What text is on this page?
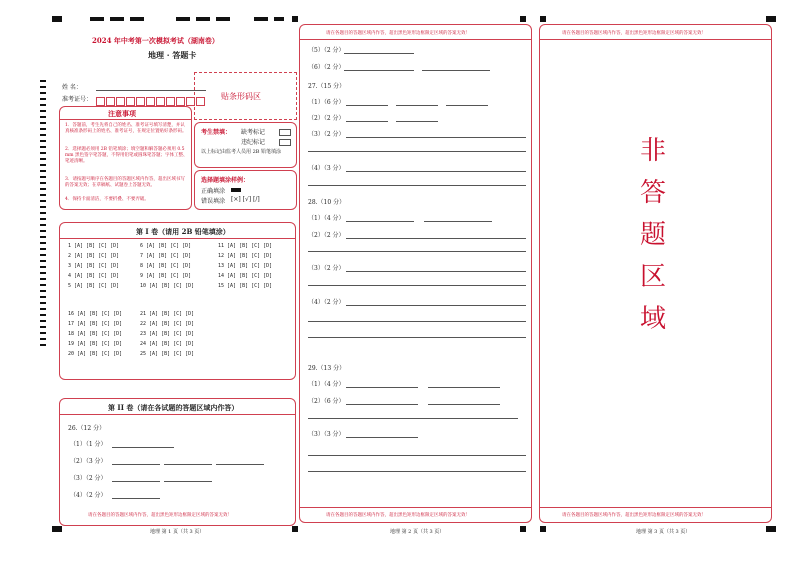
2024 年中考第一次模拟考试（湖南卷）
地理 · 答题卡
姓 名：
准考证号：	贴条形码区
注意事项
1．答题前，考生先将自己的姓名、准考证号填写清楚，并认真核准条形码上的姓名、准考证号，在规定位置贴好条形码。
2．选择题必须用 2B 铅笔填涂；填空题和解答题必须用 0.5 mm 黑色签字笔答题，不得用铅笔或圆珠笔答题；字体工整、笔迹清晰。
3．请按题号顺序在各题目的答题区域内作答，超出区域书写的答案无效；在草稿纸、试题卷上答题无效。
4．保持卡面清洁，不要折叠、不要弄破。
考生禁填： 缺考标记
违纪标记
以上标记由监考人员用 2B 铅笔填涂
选择题填涂样例：
正确填涂
错误填涂 [×] [√] [/]
第 I 卷（请用 2B 铅笔填涂）
1 [A] [B] [C] [D]
2 [A] [B] [C] [D]
3 [A] [B] [C] [D]
4 [A] [B] [C] [D]
5 [A] [B] [C] [D]
6 [A] [B] [C] [D]
7 [A] [B] [C] [D]
8 [A] [B] [C] [D]
9 [A] [B] [C] [D]
10 [A] [B] [C] [D]
11 [A] [B] [C] [D]
12 [A] [B] [C] [D]
13 [A] [B] [C] [D]
14 [A] [B] [C] [D]
15 [A] [B] [C] [D]
16 [A] [B] [C] [D]
17 [A] [B] [C] [D]
18 [A] [B] [C] [D]
19 [A] [B] [C] [D]
20 [A] [B] [C] [D]
21 [A] [B] [C] [D]
22 [A] [B] [C] [D]
23 [A] [B] [C] [D]
24 [A] [B] [C] [D]
25 [A] [B] [C] [D]
第 II 卷（请在各试题的答题区域内作答）
26.（12 分）
（1）（1 分）
（2）（3 分）
（3）（2 分）
（4）（2 分）
请在各题目的答题区域内作答，超出黑色矩形边框限定区域的答案无效！
地理 第 1 页（共 3 页）
请在各题目的答题区域内作答，超出黑色矩形边框限定区域的答案无效！
（5）（2 分）
（6）（2 分）
27.（15 分）
（1）（6 分）
（2）（2 分）
（3）（2 分）
（4）（3 分）
28.（10 分）
（1）（4 分）
（2）（2 分）
（3）（2 分）
（4）（2 分）
29.（13 分）
（1）（4 分）
（2）（6 分）
（3）（3 分）
请在各题目的答题区域内作答，超出黑色矩形边框限定区域的答案无效！
地理 第 2 页（共 3 页）
请在各题目的答题区域内作答，超出黑色矩形边框限定区域的答案无效！
请在各题目的答题区域内作答，超出黑色矩形边框限定区域的答案无效！
非
答
题
区
域
地理 第 3 页（共 3 页）
